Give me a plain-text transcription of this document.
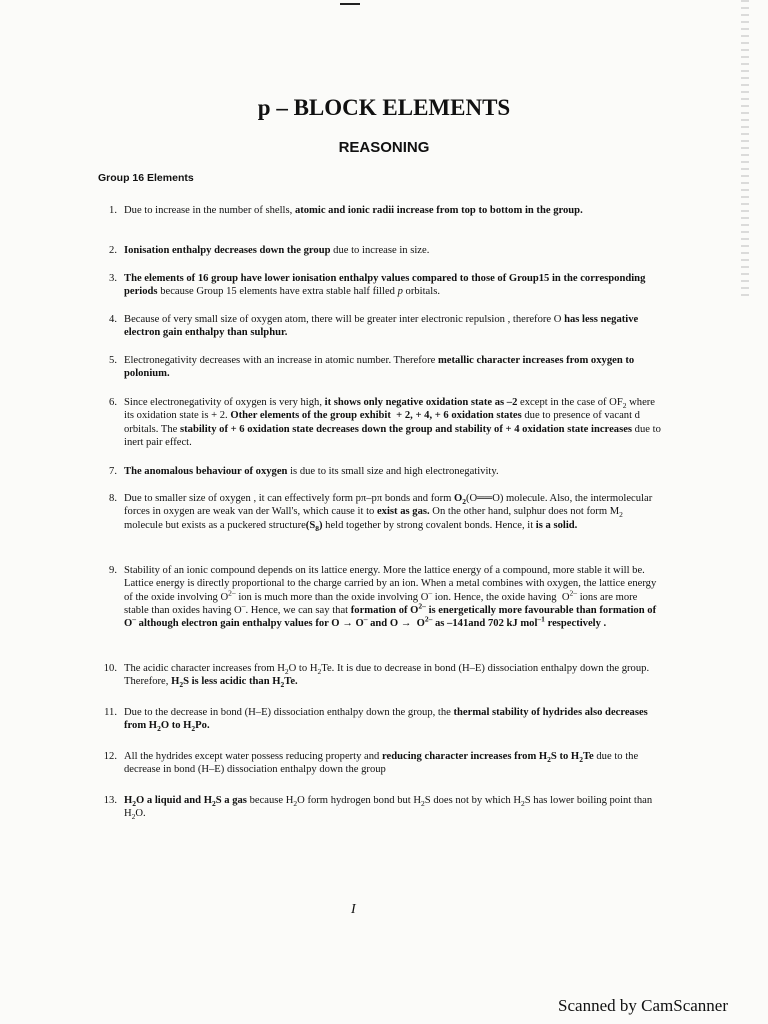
p – BLOCK ELEMENTS
REASONING
Group 16 Elements
1. Due to increase in the number of shells, atomic and ionic radii increase from top to bottom in the group.
2. Ionisation enthalpy decreases down the group due to increase in size.
3. The elements of 16 group have lower ionisation enthalpy values compared to those of Group15 in the corresponding periods because Group 15 elements have extra stable half filled p orbitals.
4. Because of very small size of oxygen atom, there will be greater inter electronic repulsion , therefore O has less negative electron gain enthalpy than sulphur.
5. Electronegativity decreases with an increase in atomic number. Therefore metallic character increases from oxygen to polonium.
6. Since electronegativity of oxygen is very high, it shows only negative oxidation state as –2 except in the case of $OF_2$ where its oxidation state is + 2. Other elements of the group exhibit  + 2, + 4, + 6 oxidation states due to presence of vacant d orbitals. The stability of + 6 oxidation state decreases down the group and stability of + 4 oxidation state increases due to inert pair effect.
7. The anomalous behaviour of oxygen is due to its small size and high electronegativity.
8. Due to smaller size of oxygen , it can effectively form pπ–pπ bonds and form $O_2(O══O)$ molecule. Also, the intermolecular forces in oxygen are weak van der Wall's, which cause it to exist as gas. On the other hand, sulphur does not form $M_2$ molecule but exists as a puckered $structure(S_8)$ held together by strong covalent bonds. Hence, it is a solid.
9. Stability of an ionic compound depends on its lattice energy. More the lattice energy of a compound, more stable it will be. Lattice energy is directly proportional to the charge carried by an ion. When a metal combines with oxygen, the lattice energy of the oxide involving $O^{2-}$ ion is much more than the oxide involving O– ion. Hence, the oxide having  $O^{2-}$ ions are more stable than oxides having O–. Hence, we can say that formation of $O^{2-}$ is energetically more favourable than formation of O– although electron gain enthalpy values for O → O– and $O \to O^{2-}$ as –141and 702 kJ mol$^{-1}$ respectively .
10. The acidic character increases from $H_2O$ to $H_2Te$. It is due to decrease in bond (H–E) dissociation enthalpy down the group. Therefore, $H_2S$ is less acidic than $H_2Te$.
11. Due to the decrease in bond (H–E) dissociation enthalpy down the group, the thermal stability of hydrides also decreases from $H_2O$ to $H_2Po$.
12. All the hydrides except water possess reducing property and reducing character increases from $H_2S$ to $H_2Te$ due to the decrease in bond (H–E) dissociation enthalpy down the group
13. $H_2O$ a liquid and $H_2S$ a gas because $H_2O$ form hydrogen bond but $H_2S$ does not by which $H_2S$ has lower boiling point than $H_2O$.
I
Scanned by CamScanner
